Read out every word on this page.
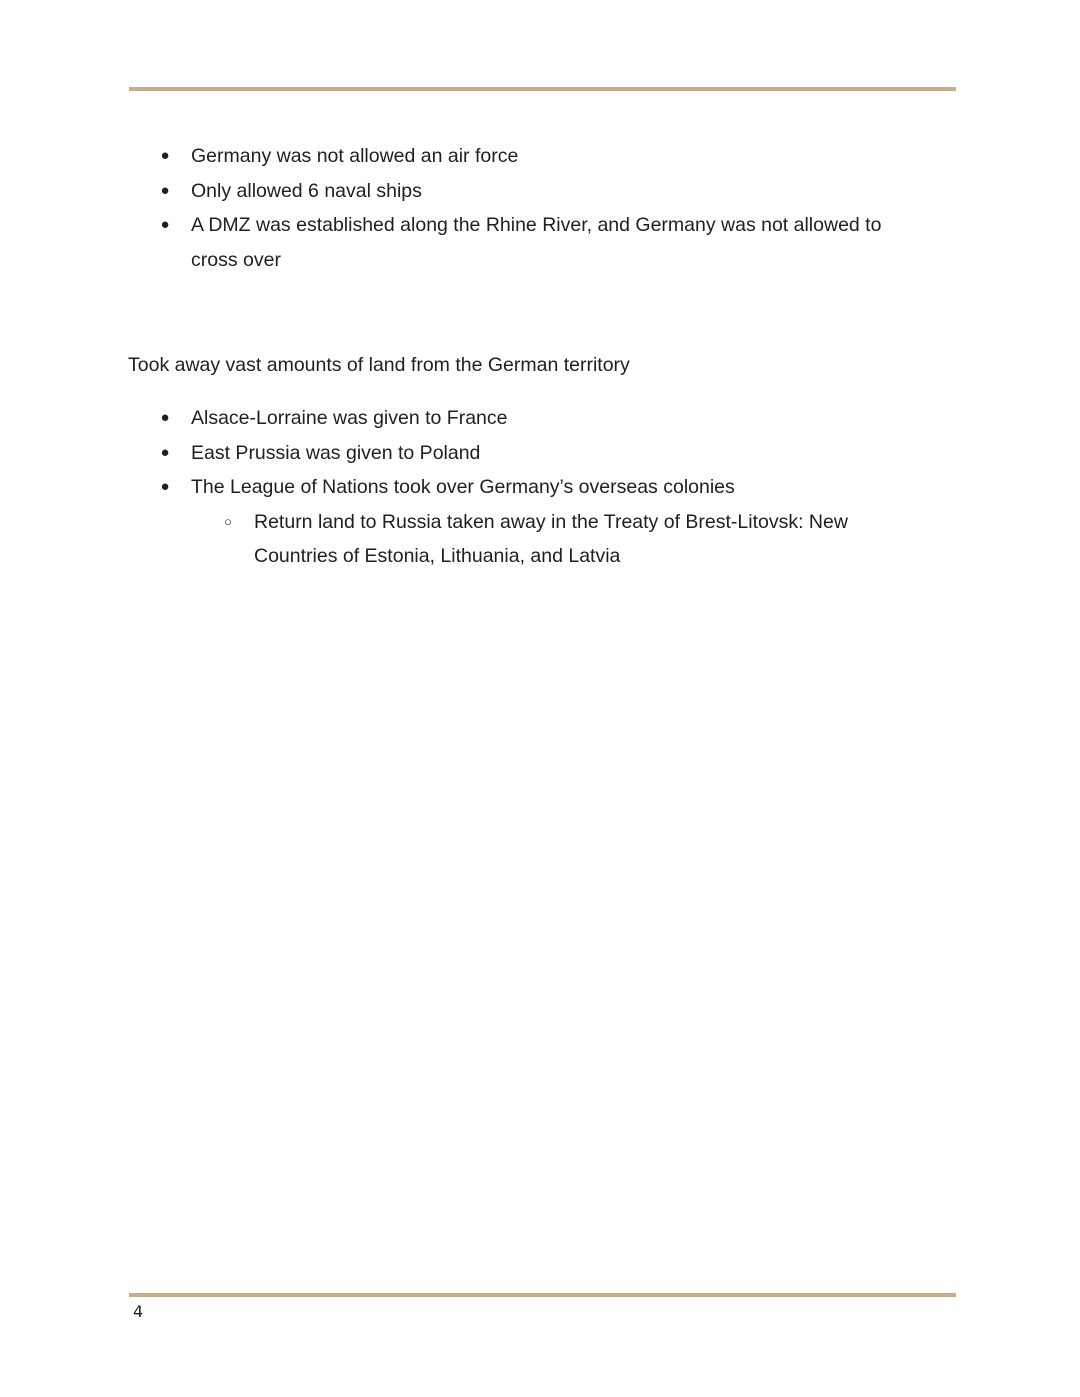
● Germany was not allowed an air force
● Only allowed 6 naval ships
● A DMZ was established along the Rhine River, and Germany was not allowed to cross over

Took away vast amounts of land from the German territory

● Alsace-Lorraine was given to France
● East Prussia was given to Poland
● The League of Nations took over Germany’s overseas colonies
○ Return land to Russia taken away in the Treaty of Brest-Litovsk: New Countries of Estonia, Lithuania, and Latvia
4
